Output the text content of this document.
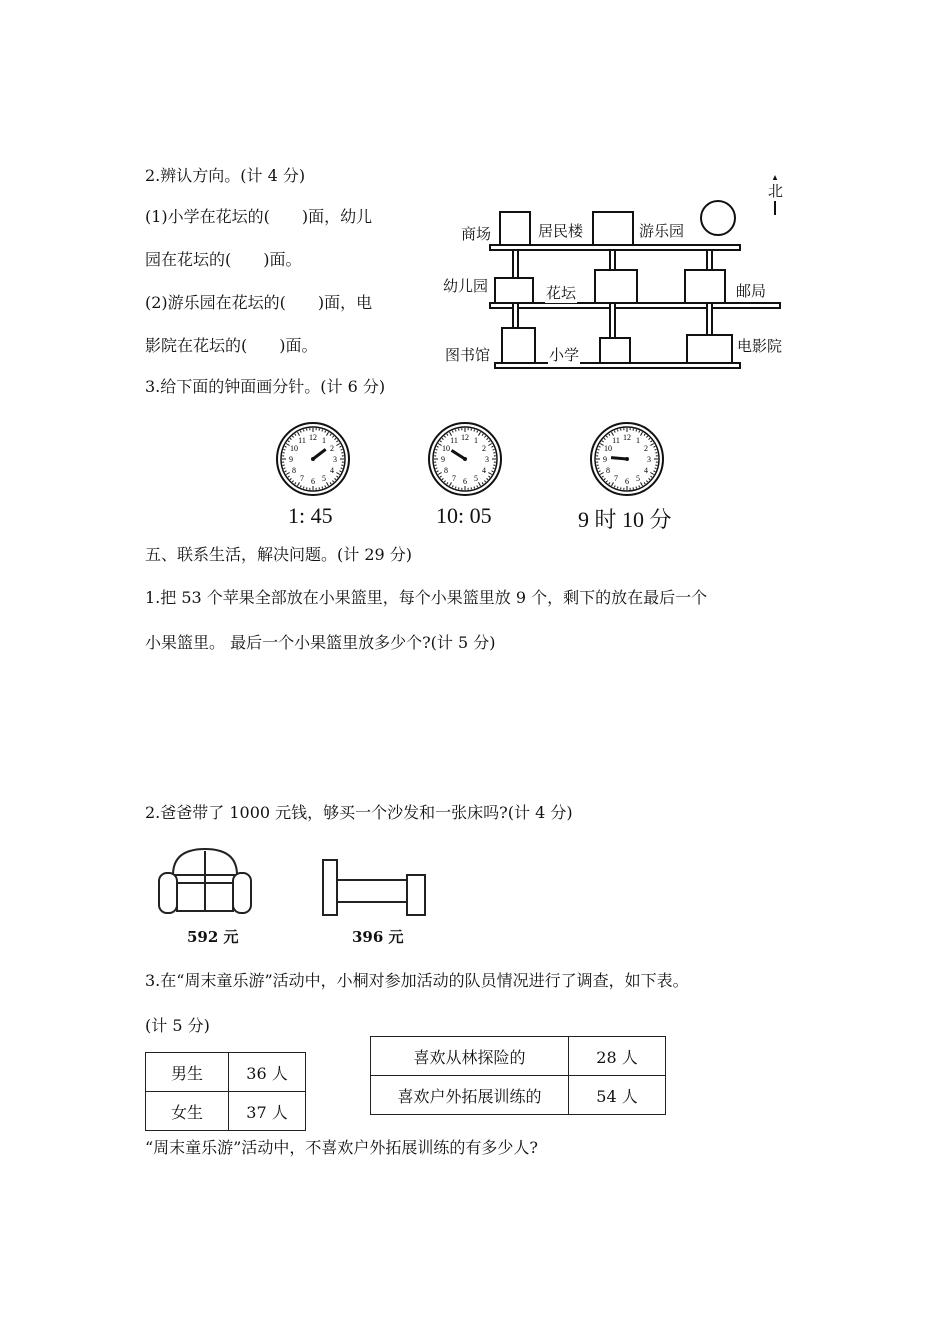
2.辨认方向。(计 4 分)
(1)小学在花坛的(　　)面，幼儿
园在花坛的(　　)面。
(2)游乐园在花坛的(　　)面，电
影院在花坛的(　　)面。
北
商场	居民楼	游乐园
幼儿园	花坛	邮局
图书馆	小学	电影院
3.给下面的钟面画分针。(计 6 分)
1
2
3
4
5
6
7
8
9
10
11 12	1
2
3
4
5
6
7
8
9
10
11 12	1
2
3
4
5
6
7
8
9
10
11 12
1: 45	10: 05	9 时 10 分
五、联系生活，解决问题。(计 29 分)
1.把 53 个苹果全部放在小果篮里，每个小果篮里放 9 个，剩下的放在最后一个
小果篮里。 最后一个小果篮里放多少个?(计 5 分)
2.爸爸带了 1000 元钱，够买一个沙发和一张床吗?(计 4 分)
592 元	396 元
3.在“周末童乐游”活动中，小桐对参加活动的队员情况进行了调查，如下表。
(计 5 分)
男生	36 人
女生	37 人
喜欢从林探险的	28 人
喜欢户外拓展训练的	54 人
“周末童乐游”活动中，不喜欢户外拓展训练的有多少人?
